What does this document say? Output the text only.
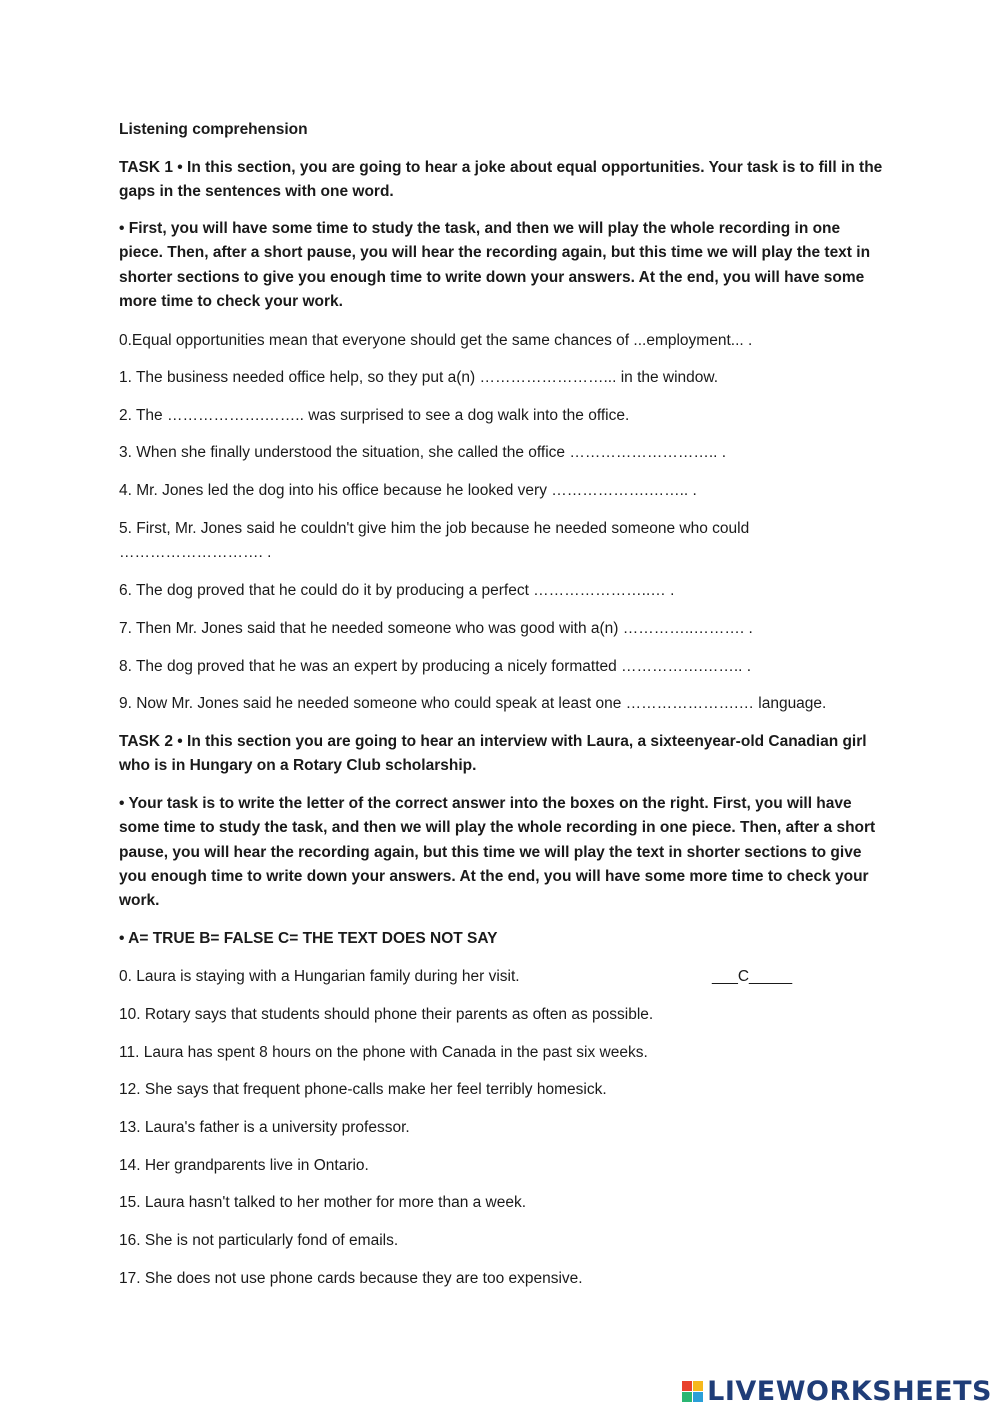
Listening comprehension
TASK 1 • In this section, you are going to hear a joke about equal opportunities. Your task is to fill in the gaps in the sentences with one word.
• First, you will have some time to study the task, and then we will play the whole recording in one piece. Then, after a short pause, you will hear the recording again, but this time we will play the text in shorter sections to give you enough time to write down your answers. At the end, you will have some more time to check your work.
0.Equal opportunities mean that everyone should get the same chances of ...employment... .
1. The business needed office help, so they put a(n) ……………………... in the window.
2. The ……………….…….. was surprised to see a dog walk into the office.
3. When she finally understood the situation, she called the office ……………………….. .
4. Mr. Jones led the dog into his office because he looked very ……………….…….. .
5. First, Mr. Jones said he couldn't give him the job because he needed someone who could
………………………. .
6. The dog proved that he could do it by producing a perfect …………………..… .
7. Then Mr. Jones said that he needed someone who was good with a(n) …………..………. .
8. The dog proved that he was an expert by producing a nicely formatted …………….…….. .
9. Now Mr. Jones said he needed someone who could speak at least one ………………….… language.
TASK 2 • In this section you are going to hear an interview with Laura, a sixteenyear-old Canadian girl who is in Hungary on a Rotary Club scholarship.
• Your task is to write the letter of the correct answer into the boxes on the right. First, you will have some time to study the task, and then we will play the whole recording in one piece. Then, after a short pause, you will hear the recording again, but this time we will play the text in shorter sections to give you enough time to write down your answers. At the end, you will have some more time to check your work.
• A= TRUE B= FALSE C= THE TEXT DOES NOT SAY
0. Laura is staying with a Hungarian family during her visit.	___C_____
10. Rotary says that students should phone their parents as often as possible.
11. Laura has spent 8 hours on the phone with Canada in the past six weeks.
12. She says that frequent phone-calls make her feel terribly homesick.
13. Laura's father is a university professor.
14. Her grandparents live in Ontario.
15. Laura hasn't talked to her mother for more than a week.
16. She is not particularly fond of emails.
17. She does not use phone cards because they are too expensive.
LIVEWORKSHEETS
